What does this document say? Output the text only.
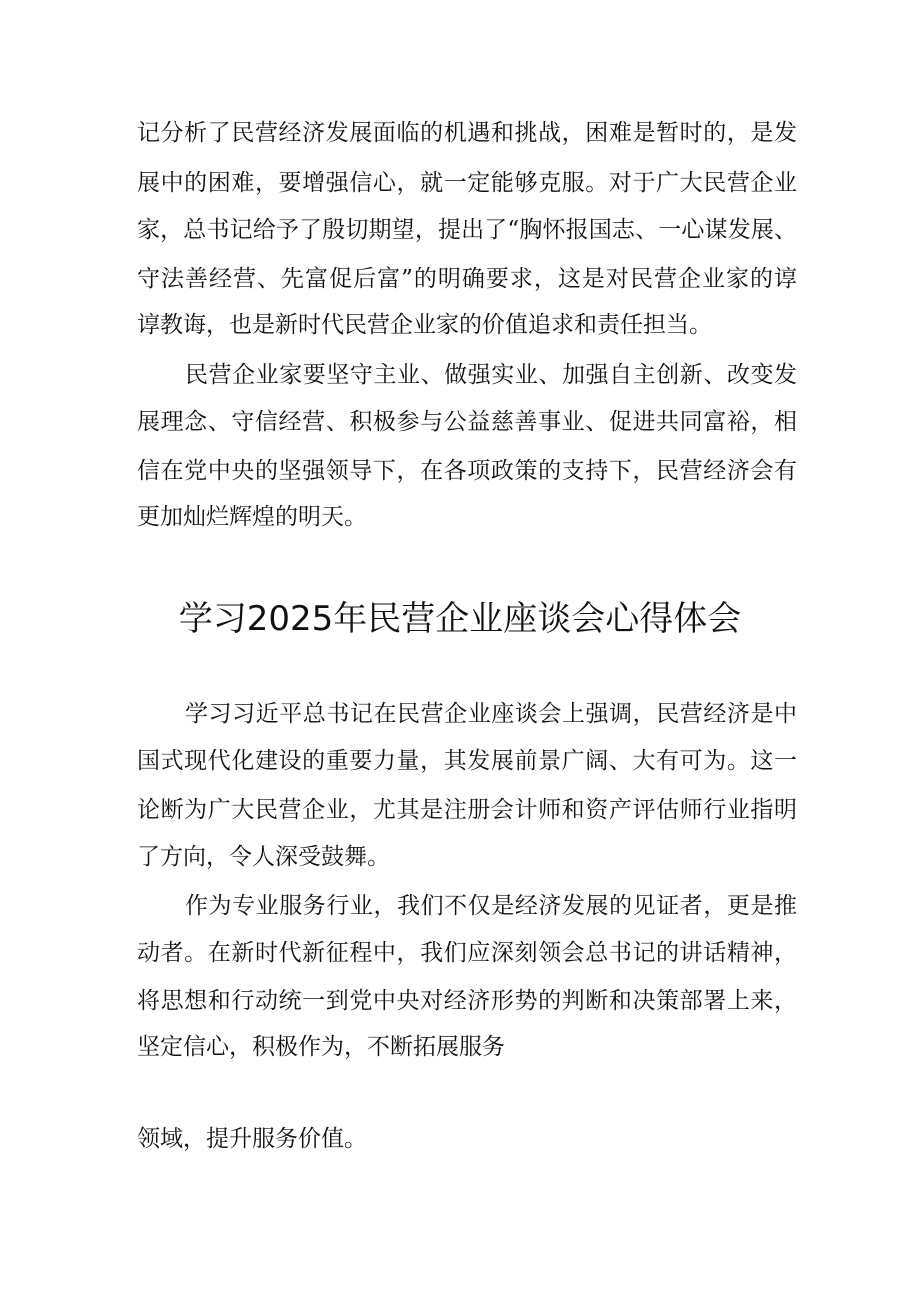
记分析了民营经济发展面临的机遇和挑战，困难是暂时的，是发
展中的困难，要增强信心，就一定能够克服。对于广大民营企业
家，总书记给予了殷切期望，提出了“胸怀报国志、一心谋发展、
守法善经营、先富促后富”的明确要求，这是对民营企业家的谆
谆教诲，也是新时代民营企业家的价值追求和责任担当。
民营企业家要坚守主业、做强实业、加强自主创新、改变发
展理念、守信经营、积极参与公益慈善事业、促进共同富裕，相
信在党中央的坚强领导下，在各项政策的支持下，民营经济会有
更加灿烂辉煌的明天。
学习2025年民营企业座谈会心得体会
学习习近平总书记在民营企业座谈会上强调，民营经济是中
国式现代化建设的重要力量，其发展前景广阔、大有可为。这一
论断为广大民营企业，尤其是注册会计师和资产评估师行业指明
了方向，令人深受鼓舞。
作为专业服务行业，我们不仅是经济发展的见证者，更是推
动者。在新时代新征程中，我们应深刻领会总书记的讲话精神，
将思想和行动统一到党中央对经济形势的判断和决策部署上来，
坚定信心，积极作为，不断拓展服务
领域，提升服务价值。
